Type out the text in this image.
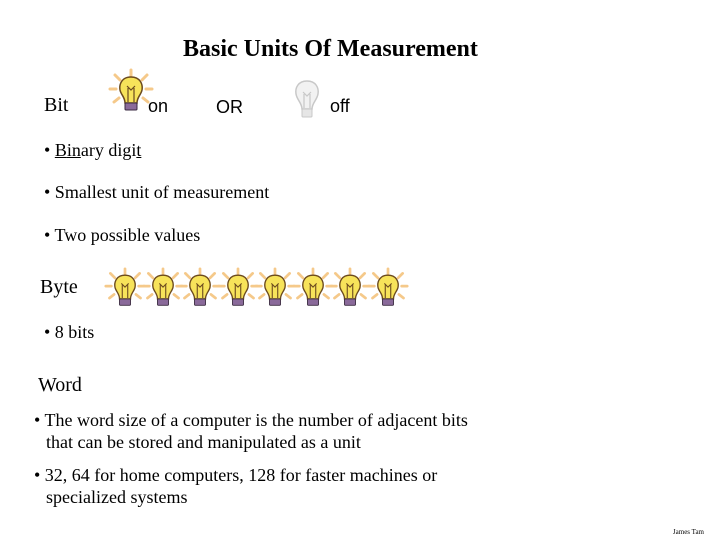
Basic Units Of Measurement
Bit	on	OR	off
• Binary digit
• Smallest unit of measurement
• Two possible values
Byte
• 8 bits
Word
• The word size of a computer is the number of adjacent bits
that can be stored and manipulated as a unit
• 32, 64 for home computers, 128 for faster machines or
specialized systems
James Tam
